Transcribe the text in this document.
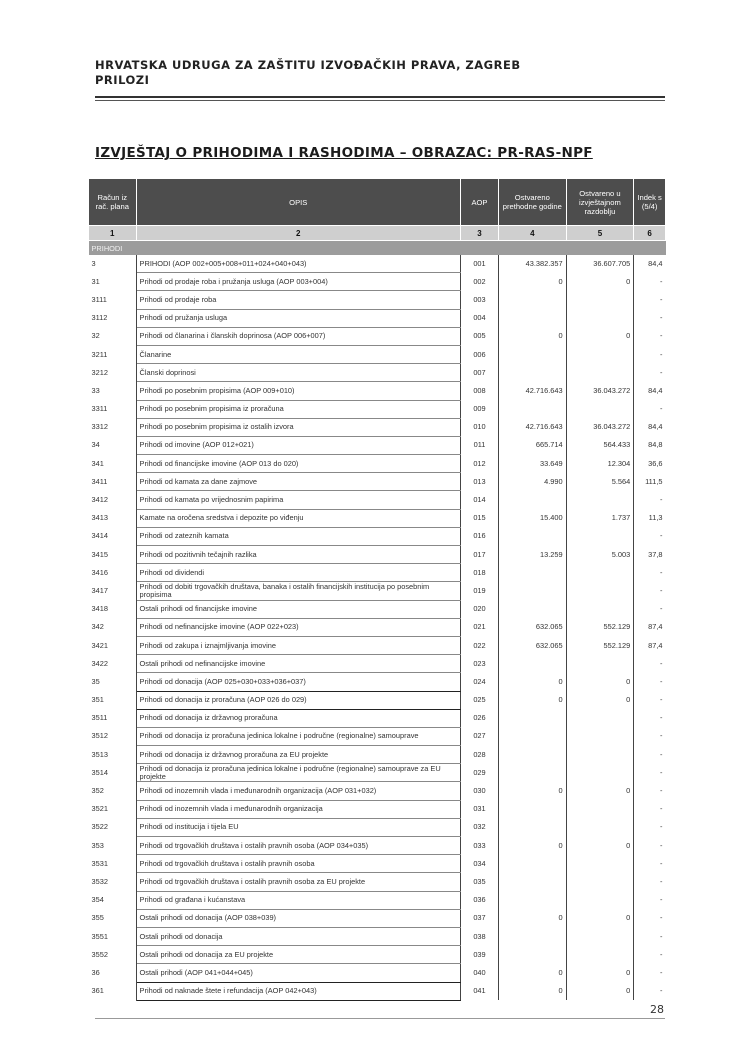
HRVATSKA UDRUGA ZA ZAŠTITU IZVOĐAČKIH PRAVA, ZAGREB
PRILOZI
IZVJEŠTAJ O PRIHODIMA I RASHODIMA – OBRAZAC: PR-RAS-NPF
Račun iz rač. plana	OPIS	AOP	Ostvareno prethodne godine	Ostvareno u izvještajnom razdoblju	Indek s (5/4)
1	2	3	4	5	6
PRIHODI					
3	PRIHODI (AOP 002+005+008+011+024+040+043)	001	43.382.357	36.607.705	84,4
31	Prihodi od prodaje roba i pružanja usluga (AOP 003+004)	002	0	0	-
3111	Prihodi od prodaje roba	003			-
3112	Prihodi od pružanja usluga	004			-
32	Prihodi od članarina i članskih doprinosa (AOP 006+007)	005	0	0	-
3211	Članarine	006			-
3212	Članski doprinosi	007			-
33	Prihodi po posebnim propisima (AOP 009+010)	008	42.716.643	36.043.272	84,4
3311	Prihodi po posebnim propisima iz proračuna	009			-
3312	Prihodi po posebnim propisima iz ostalih izvora	010	42.716.643	36.043.272	84,4
34	Prihodi od imovine (AOP 012+021)	011	665.714	564.433	84,8
341	Prihodi od financijske imovine (AOP 013 do 020)	012	33.649	12.304	36,6
3411	Prihodi od kamata za dane zajmove	013	4.990	5.564	111,5
3412	Prihodi od kamata po vrijednosnim papirima	014			-
3413	Kamate na oročena sredstva i depozite po viđenju	015	15.400	1.737	11,3
3414	Prihodi od zateznih kamata	016			-
3415	Prihodi od pozitivnih tečajnih razlika	017	13.259	5.003	37,8
3416	Prihodi od dividendi	018			-
3417	Prihodi od dobiti trgovačkih društava, banaka i ostalih financijskih institucija po posebnim propisima	019			-
3418	Ostali prihodi od financijske imovine	020			-
342	Prihodi od nefinancijske imovine (AOP 022+023)	021	632.065	552.129	87,4
3421	Prihodi od zakupa i iznajmljivanja imovine	022	632.065	552.129	87,4
3422	Ostali prihodi od nefinancijske imovine	023			-
35	Prihodi od donacija (AOP 025+030+033+036+037)	024	0	0	-
351	Prihodi od donacija iz proračuna (AOP 026 do 029)	025	0	0	-
3511	Prihodi od donacija iz državnog proračuna	026			-
3512	Prihodi od donacija iz proračuna jedinica lokalne i područne (regionalne) samouprave	027			-
3513	Prihodi od donacija iz državnog proračuna za EU projekte	028			-
3514	Prihodi od donacija iz proračuna jedinica lokalne i područne (regionalne) samouprave za EU projekte	029			-
352	Prihodi od inozemnih vlada i međunarodnih organizacija (AOP 031+032)	030	0	0	-
3521	Prihodi od inozemnih vlada i međunarodnih organizacija	031			-
3522	Prihodi od institucija i tijela EU	032			-
353	Prihodi od trgovačkih društava i ostalih pravnih osoba (AOP 034+035)	033	0	0	-
3531	Prihodi od trgovačkih društava i ostalih pravnih osoba	034			-
3532	Prihodi od trgovačkih društava i ostalih pravnih osoba za EU projekte	035			-
354	Prihodi od građana i kućanstava	036			-
355	Ostali prihodi od donacija (AOP 038+039)	037	0	0	-
3551	Ostali prihodi od donacija	038			-
3552	Ostali prihodi od donacija za EU projekte	039			-
36	Ostali prihodi (AOP 041+044+045)	040	0	0	-
361	Prihodi od naknade štete i refundacija (AOP 042+043)	041	0	0	-
28
